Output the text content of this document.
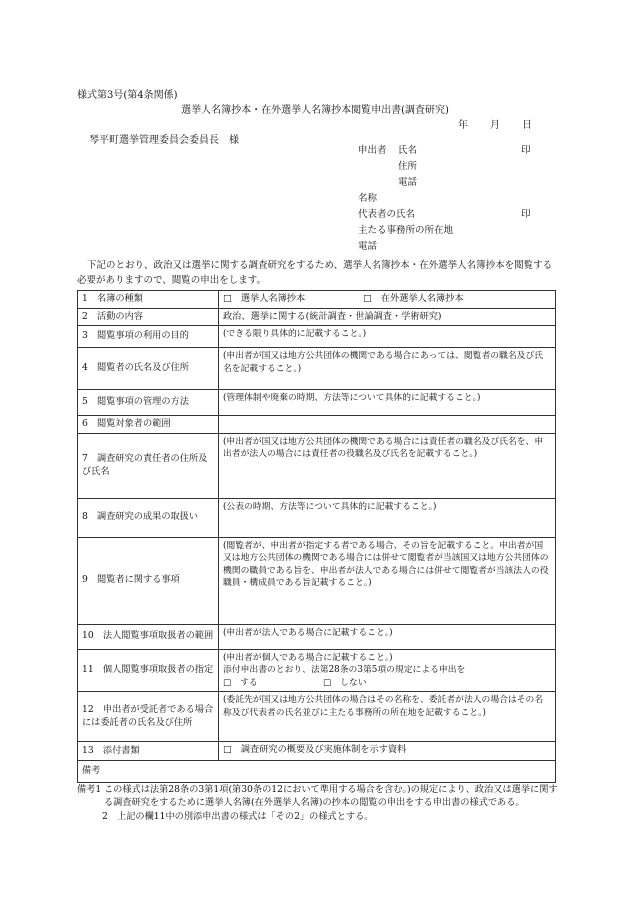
様式第3号(第4条関係)
選挙人名簿抄本・在外選挙人名簿抄本閲覧申出書(調査研究)
年 月 日
琴平町選挙管理委員会委員長　様
申出者 氏名	印
住所
電話
名称
代表者の氏名	印
主たる事務所の所在地
電話
下記のとおり、政治又は選挙に関する調査研究をするため、選挙人名簿抄本・在外選挙人名簿抄本を閲覧する必要がありますので、閲覧の申出をします。
1　名簿の種類	□　選挙人名簿抄本 □　在外選挙人名簿抄本
2　活動の内容	政治、選挙に関する(統計調査・世論調査・学術研究)
3　閲覧事項の利用の目的	(できる限り具体的に記載すること。)
4　閲覧者の氏名及び住所	(申出者が国又は地方公共団体の機関である場合にあっては、閲覧者の職名及び氏名を記載すること。)
5　閲覧事項の管理の方法	(管理体制や廃棄の時期、方法等について具体的に記載すること。)
6　閲覧対象者の範囲	
7　調査研究の責任者の住所及び氏名	(申出者が国又は地方公共団体の機関である場合には責任者の職名及び氏名を、申出者が法人の場合には責任者の役職名及び氏名を記載すること。)
8　調査研究の成果の取扱い	(公表の時期、方法等について具体的に記載すること。)
9　閲覧者に関する事項	(閲覧者が、申出者が指定する者である場合、その旨を記載すること。申出者が国又は地方公共団体の機関である場合には併せて閲覧者が当該国又は地方公共団体の機関の職員である旨を、申出者が法人である場合には併せて閲覧者が当該法人の役職員・構成員である旨記載すること。)
10　法人閲覧事項取扱者の範囲	(申出者が法人である場合に記載すること。)
11　個人閲覧事項取扱者の指定	(申出者が個人である場合に記載すること。)
添付申出書のとおり、法第28条の3第5項の規定による申出を
□　する □　しない

12　申出者が受託者である場合には委託者の氏名及び住所	(委託先が国又は地方公共団体の場合はその名称を、委託者が法人の場合はその名称及び代表者の氏名並びに主たる事務所の所在地を記載すること。)
13　添付書類	□　調査研究の概要及び実施体制を示す資料
備考	
備考1 この様式は法第28条の3第1項(第30条の12において準用する場合を含む。)の規定により、政治又は選挙に関する調査研究をするために選挙人名簿(在外選挙人名簿)の抄本の閲覧の申出をする申出書の様式である。
2　上記の欄11中の別添申出書の様式は「その2」の様式とする。
